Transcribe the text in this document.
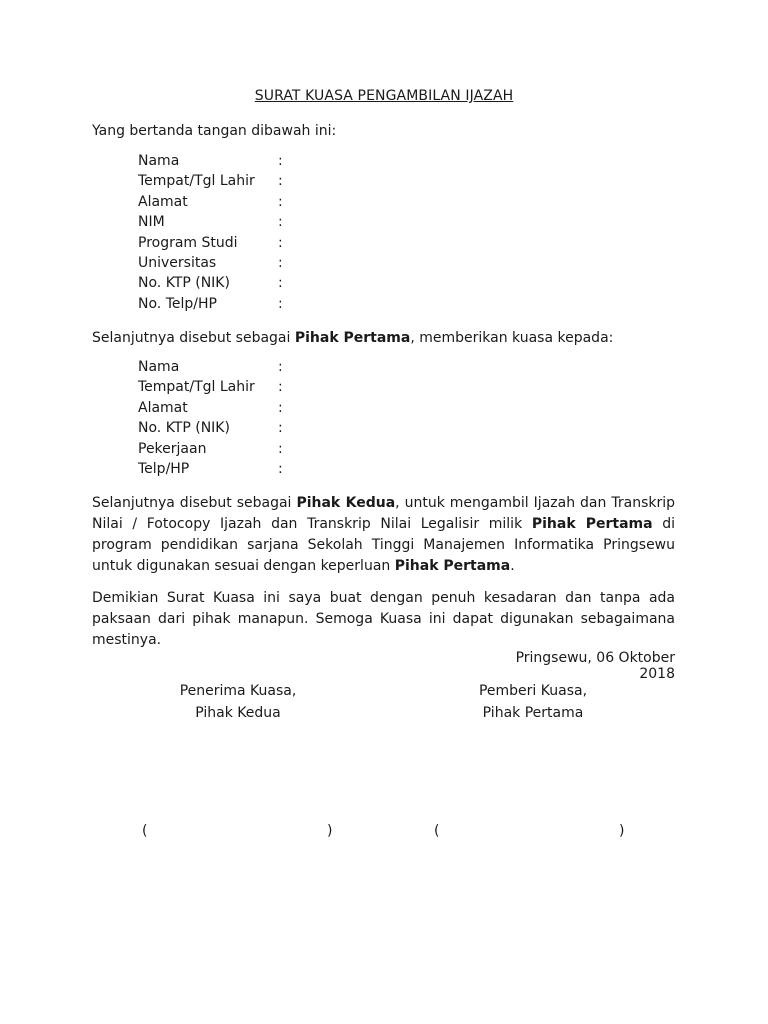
SURAT KUASA PENGAMBILAN IJAZAH
Yang bertanda tangan dibawah ini:
Nama	:
Tempat/Tgl Lahir :
Alamat	:
NIM	:
Program Studi	:
Universitas	:
No. KTP (NIK)	:
No. Telp/HP	:
Selanjutnya disebut sebagai Pihak Pertama, memberikan kuasa kepada:
Nama	:
Tempat/Tgl Lahir :
Alamat	:
No. KTP (NIK)	:
Pekerjaan	:
Telp/HP	:
Selanjutnya disebut sebagai Pihak Kedua, untuk mengambil Ijazah dan Transkrip Nilai / Fotocopy Ijazah dan Transkrip Nilai Legalisir milik Pihak Pertama di program pendidikan sarjana Sekolah Tinggi Manajemen Informatika Pringsewu untuk digunakan sesuai dengan keperluan Pihak Pertama.
Demikian Surat Kuasa ini saya buat dengan penuh kesadaran dan tanpa ada paksaan dari pihak manapun. Semoga Kuasa ini dapat digunakan sebagaimana mestinya.
Pringsewu, 06 Oktober 2018
Penerima Kuasa,
Pihak Kedua
Pemberi Kuasa,
Pihak Pertama
(	)	(	)
